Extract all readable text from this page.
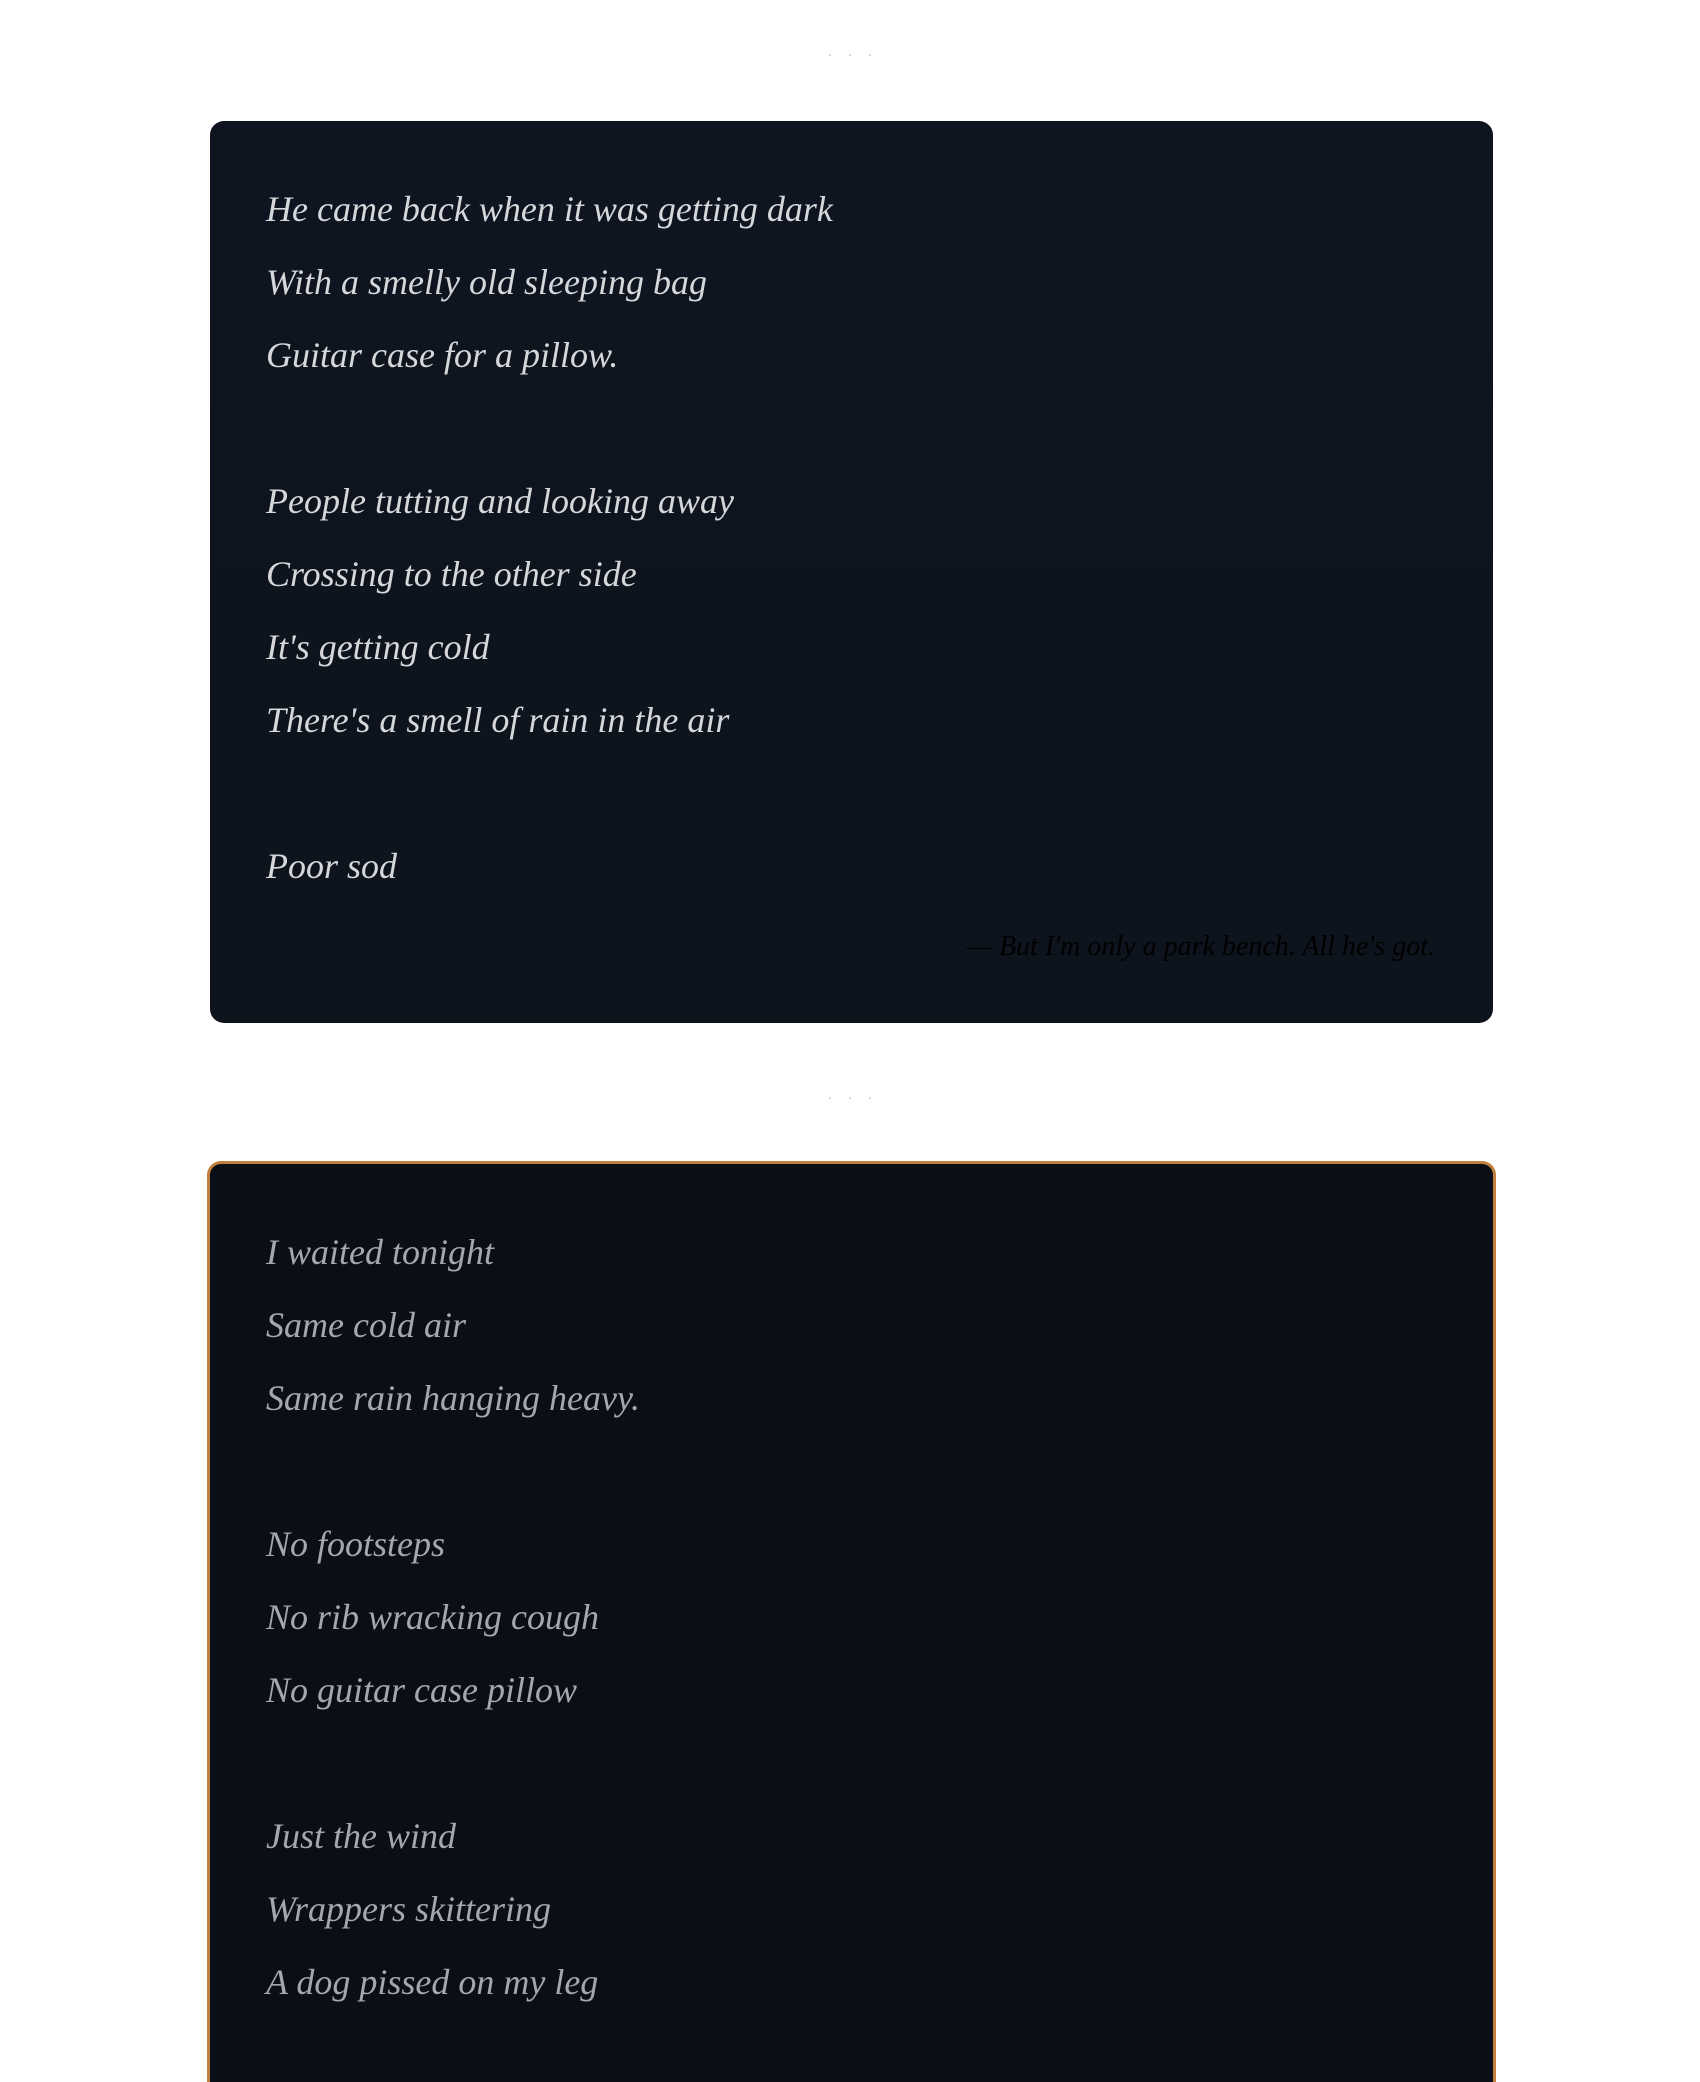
· · ·
He came back when it was getting dark
With a smelly old sleeping bag
Guitar case for a pillow.
People tutting and looking away
Crossing to the other side
It's getting cold
There's a smell of rain in the air
Poor sod
— But I'm only a park bench. All he's got.
· · ·
I waited tonight
Same cold air
Same rain hanging heavy.
No footsteps
No rib wracking cough
No guitar case pillow
Just the wind
Wrappers skittering
A dog pissed on my leg
